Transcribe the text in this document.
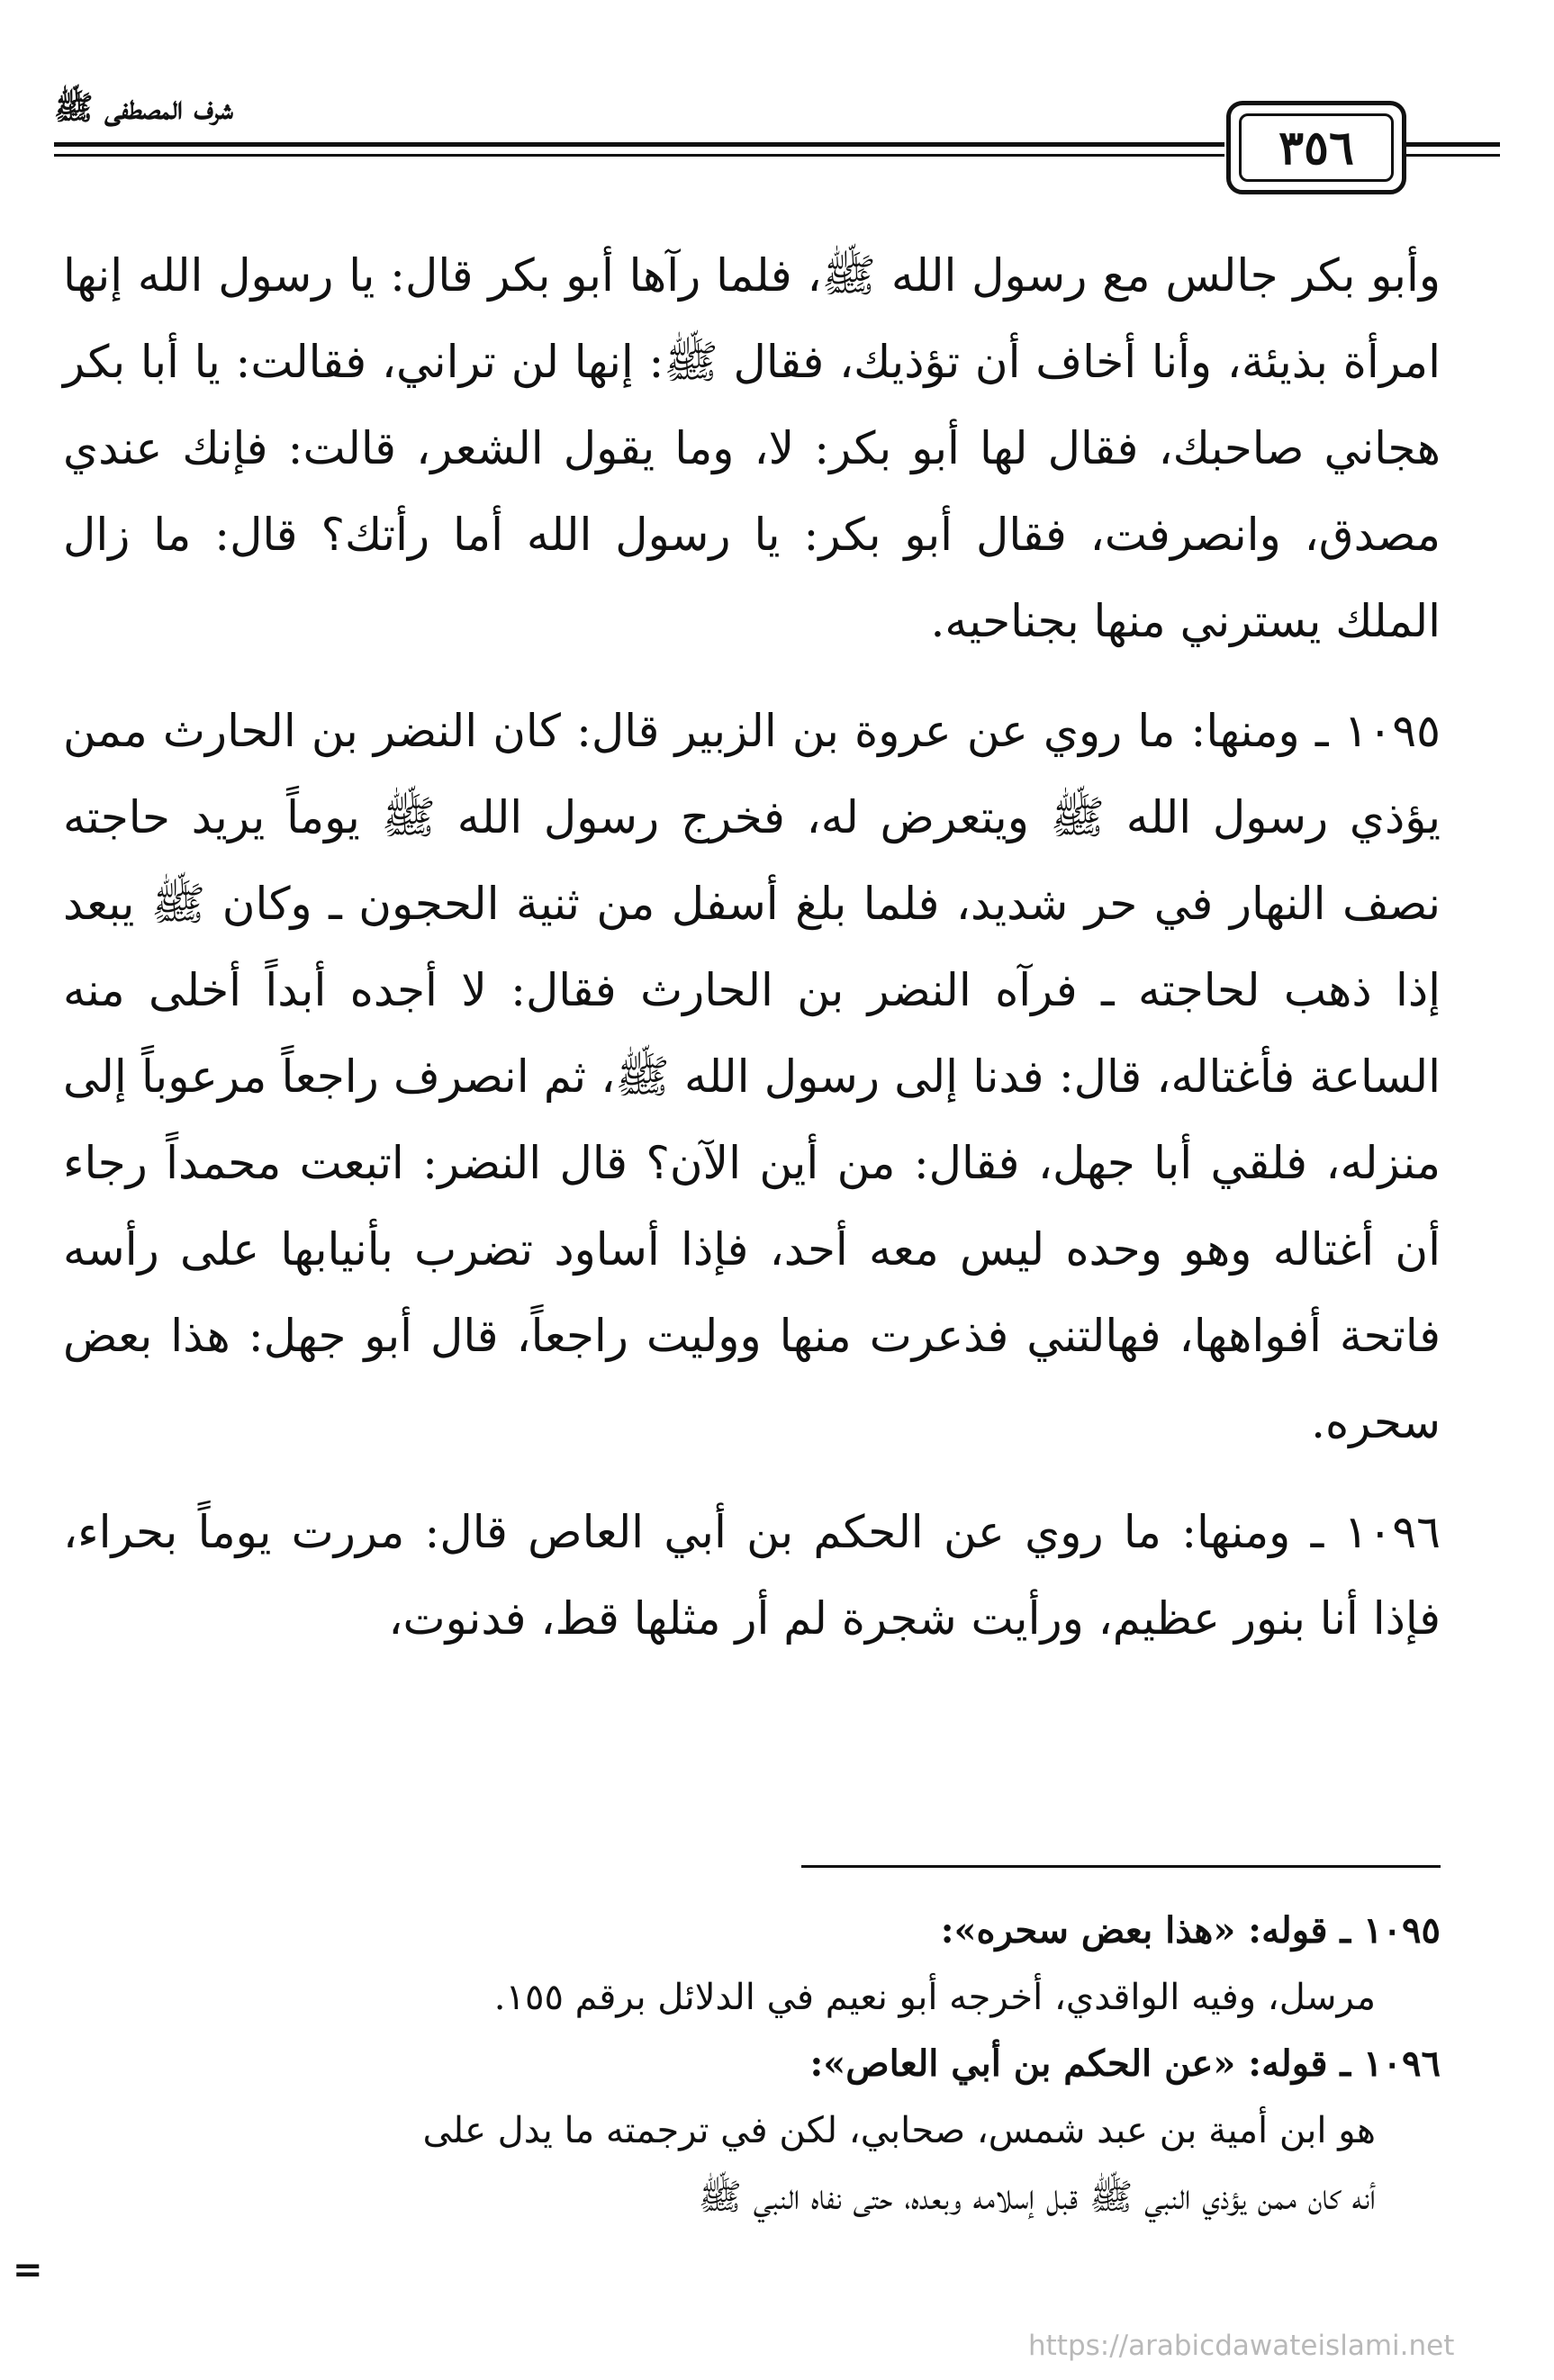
شرف المصطفى ﷺ
٣٥٦

وأبو بكر جالس مع رسول الله ﷺ، فلما رآها أبو بكر قال: يا رسول الله إنها امرأة بذيئة، وأنا أخاف أن تؤذيك، فقال ﷺ: إنها لن تراني، فقالت: يا أبا بكر هجاني صاحبك، فقال لها أبو بكر: لا، وما يقول الشعر، قالت: فإنك عندي مصدق، وانصرفت، فقال أبو بكر: يا رسول الله أما رأتك؟ قال: ما زال الملك يسترني منها بجناحيه.

١٠٩٥ ـ ومنها: ما روي عن عروة بن الزبير قال: كان النضر بن الحارث ممن يؤذي رسول الله ﷺ ويتعرض له، فخرج رسول الله ﷺ يوماً يريد حاجته نصف النهار في حر شديد، فلما بلغ أسفل من ثنية الحجون ـ وكان ﷺ يبعد إذا ذهب لحاجته ـ فرآه النضر بن الحارث فقال: لا أجده أبداً أخلى منه الساعة فأغتاله، قال: فدنا إلى رسول الله ﷺ، ثم انصرف راجعاً مرعوباً إلى منزله، فلقي أبا جهل، فقال: من أين الآن؟ قال النضر: اتبعت محمداً رجاء أن أغتاله وهو وحده ليس معه أحد، فإذا أساود تضرب بأنيابها على رأسه فاتحة أفواهها، فهالتني فذعرت منها ووليت راجعاً، قال أبو جهل: هذا بعض سحره.

١٠٩٦ ـ ومنها: ما روي عن الحكم بن أبي العاص قال: مررت يوماً بحراء، فإذا أنا بنور عظيم، ورأيت شجرة لم أر مثلها قط، فدنوت،

١٠٩٥ ـ قوله: «هذا بعض سحره»:

مرسل، وفيه الواقدي، أخرجه أبو نعيم في الدلائل برقم ١٥٥.

١٠٩٦ ـ قوله: «عن الحكم بن أبي العاص»:

هو ابن أمية بن عبد شمس، صحابي، لكن في ترجمته ما يدل على

أنه كان ممن يؤذي النبي ﷺ قبل إسلامه وبعده، حتى نفاه النبي ﷺ

=
https://arabicdawateislami.net
